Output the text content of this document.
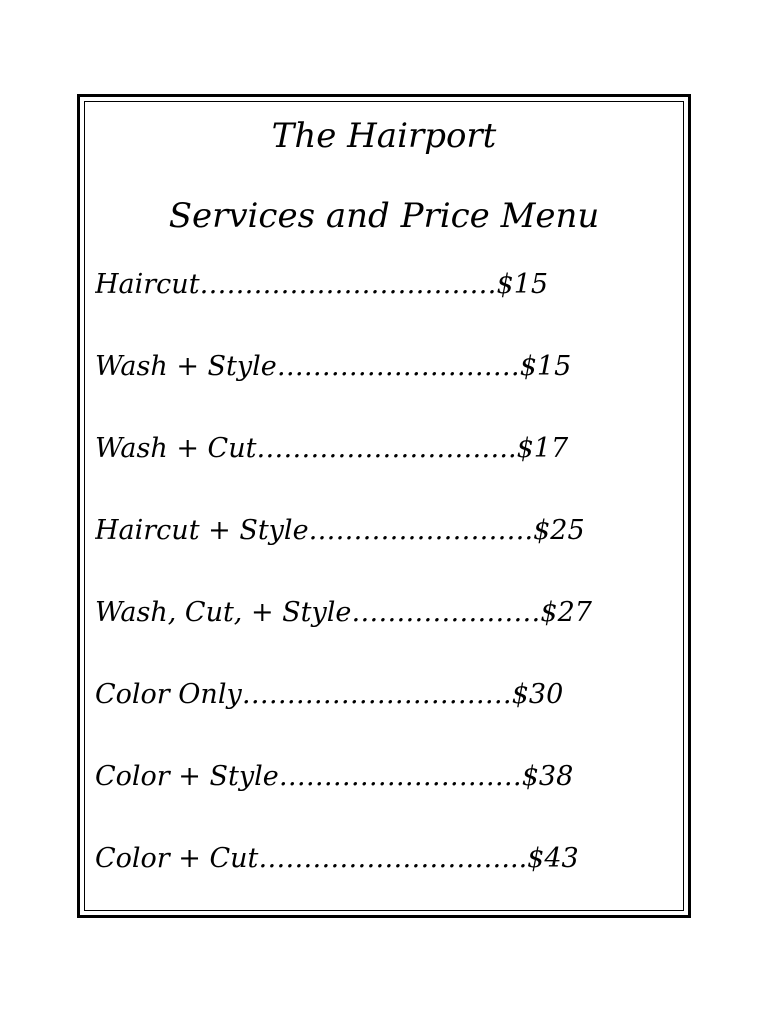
The Hairport
Services and Price Menu
Haircut……………………………$15
Wash + Style………………………$15
Wash + Cut………………………..$17
Haircut + Style…………………….$25
Wash, Cut, + Style…………………$27
Color Only…………………………$30
Color + Style………………………$38
Color + Cut………………………...$43
